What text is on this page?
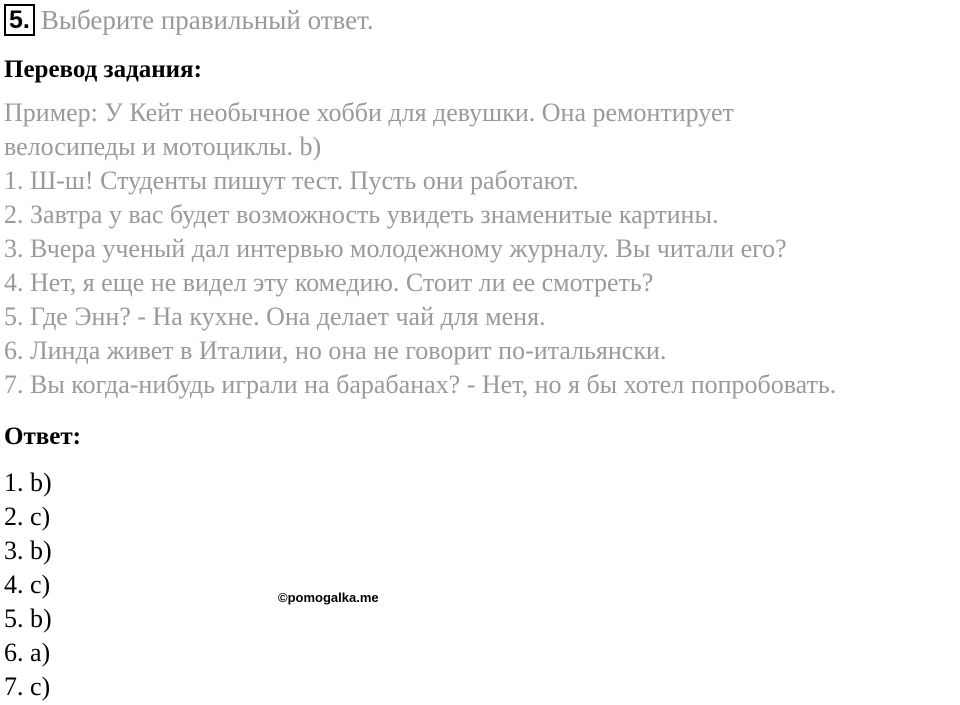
5. Выберите правильный ответ.
Перевод задания:
Пример: У Кейт необычное хобби для девушки. Она ремонтирует
велосипеды и мотоциклы. b)
1. Ш-ш! Студенты пишут тест. Пусть они работают.
2. Завтра у вас будет возможность увидеть знаменитые картины.
3. Вчера ученый дал интервью молодежному журналу. Вы читали его?
4. Нет, я еще не видел эту комедию. Стоит ли ее смотреть?
5. Где Энн? - На кухне. Она делает чай для меня.
6. Линда живет в Италии, но она не говорит по-итальянски.
7. Вы когда-нибудь играли на барабанах? - Нет, но я бы хотел попробовать.
Ответ:
1. b)
2. c)
3. b)
4. c)
5. b)
6. a)
7. c)
©pomogalka.me
